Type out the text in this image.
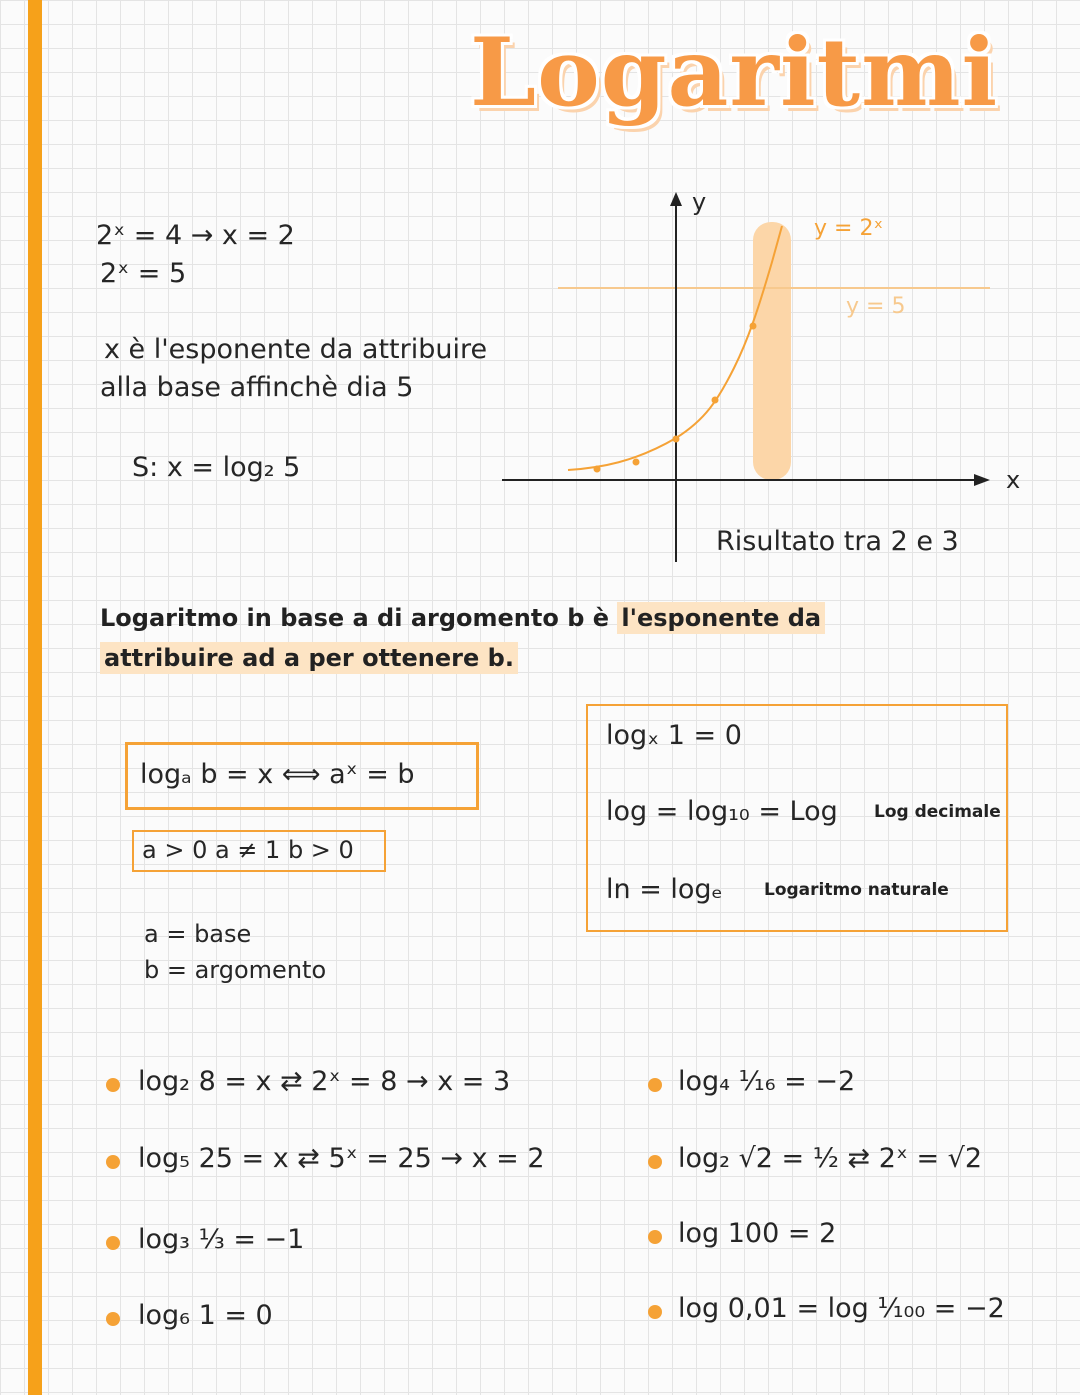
Logaritmi
2ˣ = 4 → x = 2
2ˣ = 5
x è l'esponente da attribuire
alla base affinchè dia 5
S: x = log₂ 5
y
x
y = 2ˣ
y = 5
Risultato tra 2 e 3
Logaritmo in base a di argomento b è l'esponente da
attribuire ad a per ottenere b.
logₐ b = x ⟺ aˣ = b
a > 0 a ≠ 1 b > 0
a = base
b = argomento
logₓ 1 = 0
log = log₁₀ = Log Log decimale
ln = logₑ Logaritmo naturale
log₂ 8 = x ⇄ 2ˣ = 8 → x = 3
log₅ 25 = x ⇄ 5ˣ = 25 → x = 2
log₃ ⅓ = −1
log₆ 1 = 0
log₄ ¹⁄₁₆ = −2
log₂ √2 = ½ ⇄ 2ˣ = √2
log 100 = 2
log 0,01 = log ¹⁄₁₀₀ = −2
